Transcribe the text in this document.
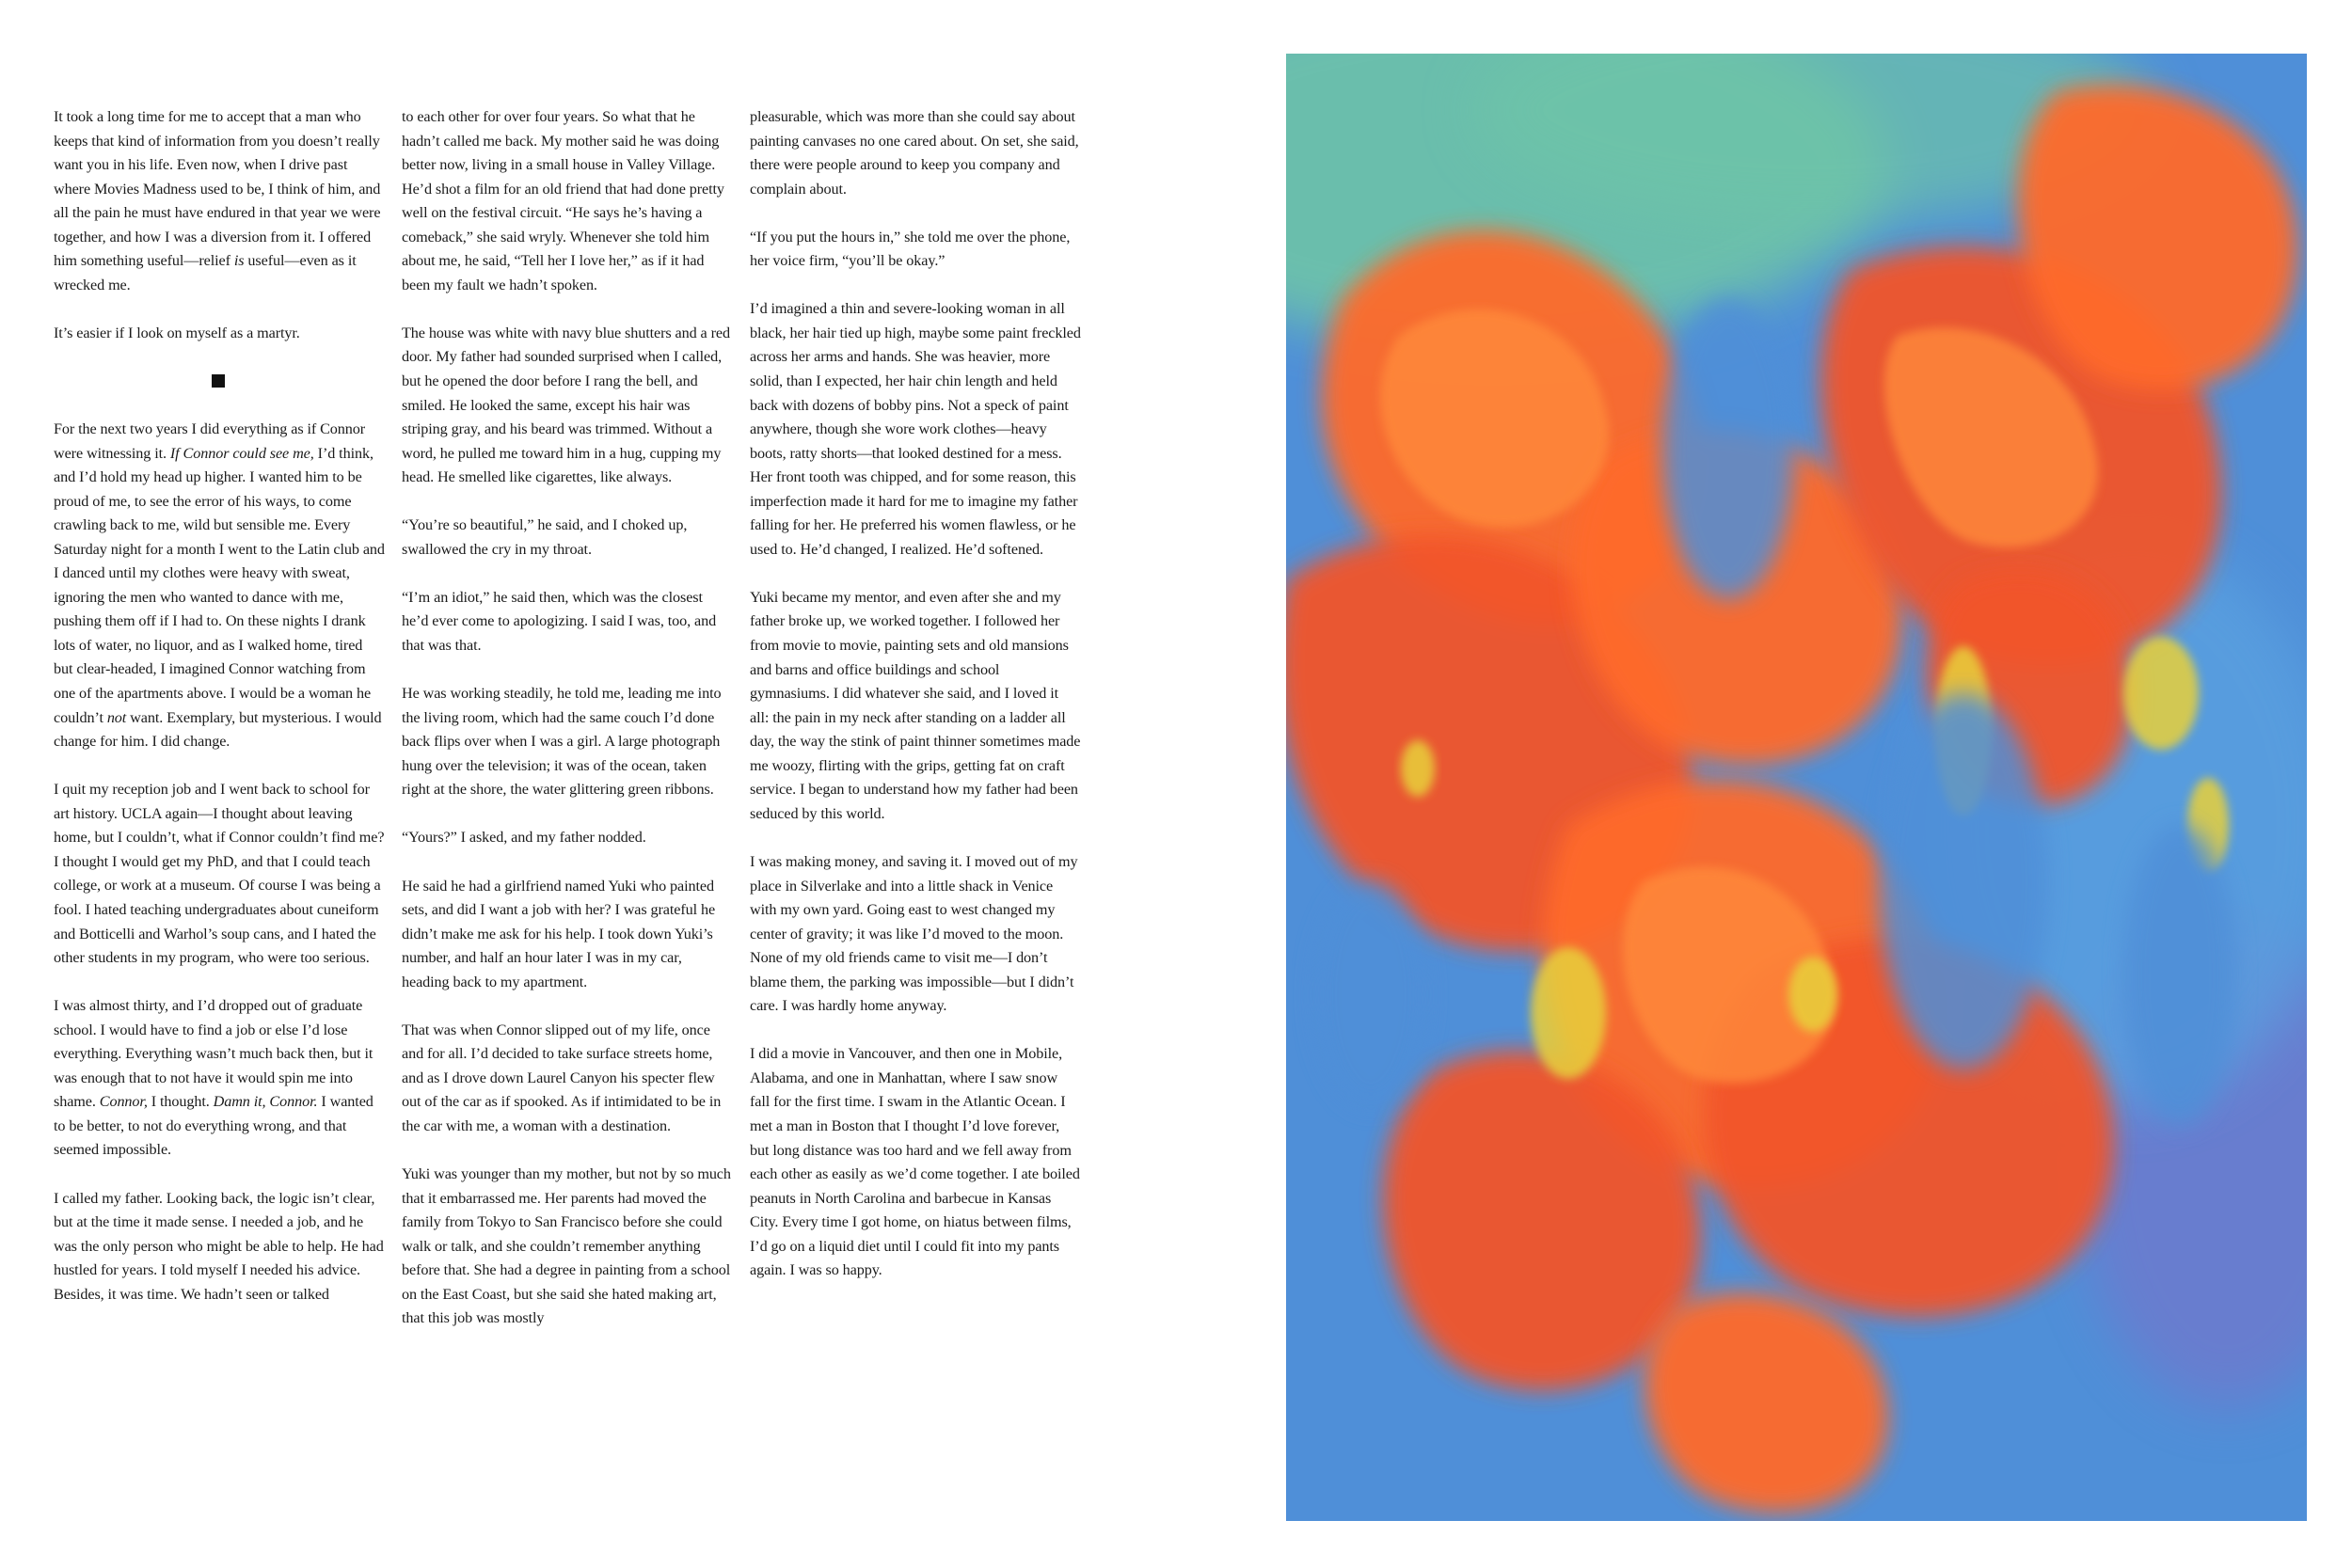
It took a long time for me to accept that a man who keeps that kind of information from you doesn’t really want you in his life. Even now, when I drive past where Movies Madness used to be, I think of him, and all the pain he must have endured in that year we were together, and how I was a diversion from it. I offered him something useful—relief is useful—even as it wrecked me.

It’s easier if I look on myself as a martyr.

For the next two years I did everything as if Connor were witnessing it. If Connor could see me, I’d think, and I’d hold my head up higher. I wanted him to be proud of me, to see the error of his ways, to come crawling back to me, wild but sensible me. Every Saturday night for a month I went to the Latin club and I danced until my clothes were heavy with sweat, ignoring the men who wanted to dance with me, pushing them off if I had to. On these nights I drank lots of water, no liquor, and as I walked home, tired but clear-headed, I imagined Connor watching from one of the apartments above. I would be a woman he couldn’t not want. Exemplary, but mysterious. I would change for him. I did change.

I quit my reception job and I went back to school for art history. UCLA again—I thought about leaving home, but I couldn’t, what if Connor couldn’t find me? I thought I would get my PhD, and that I could teach college, or work at a museum. Of course I was being a fool. I hated teaching undergraduates about cuneiform and Botticelli and Warhol’s soup cans, and I hated the other students in my program, who were too serious.

I was almost thirty, and I’d dropped out of graduate school. I would have to find a job or else I’d lose everything. Everything wasn’t much back then, but it was enough that to not have it would spin me into shame. Connor, I thought. Damn it, Connor. I wanted to be better, to not do everything wrong, and that seemed impossible.

I called my father. Looking back, the logic isn’t clear, but at the time it made sense. I needed a job, and he was the only person who might be able to help. He had hustled for years. I told myself I needed his advice. Besides, it was time. We hadn’t seen or talked

to each other for over four years. So what that he hadn’t called me back. My mother said he was doing better now, living in a small house in Valley Village. He’d shot a film for an old friend that had done pretty well on the festival circuit. “He says he’s having a comeback,” she said wryly. Whenever she told him about me, he said, “Tell her I love her,” as if it had been my fault we hadn’t spoken.

The house was white with navy blue shutters and a red door. My father had sounded surprised when I called, but he opened the door before I rang the bell, and smiled. He looked the same, except his hair was striping gray, and his beard was trimmed. Without a word, he pulled me toward him in a hug, cupping my head. He smelled like cigarettes, like always.

“You’re so beautiful,” he said, and I choked up, swallowed the cry in my throat.

“I’m an idiot,” he said then, which was the closest he’d ever come to apologizing. I said I was, too, and that was that.

He was working steadily, he told me, leading me into the living room, which had the same couch I’d done back flips over when I was a girl. A large photograph hung over the television; it was of the ocean, taken right at the shore, the water glittering green ribbons.

“Yours?” I asked, and my father nodded.

He said he had a girlfriend named Yuki who painted sets, and did I want a job with her? I was grateful he didn’t make me ask for his help. I took down Yuki’s number, and half an hour later I was in my car, heading back to my apartment.

That was when Connor slipped out of my life, once and for all. I’d decided to take surface streets home, and as I drove down Laurel Canyon his specter flew out of the car as if spooked. As if intimidated to be in the car with me, a woman with a destination.

Yuki was younger than my mother, but not by so much that it embarrassed me. Her parents had moved the family from Tokyo to San Francisco before she could walk or talk, and she couldn’t remember anything before that. She had a degree in painting from a school on the East Coast, but she said she hated making art, that this job was mostly

pleasurable, which was more than she could say about painting canvases no one cared about. On set, she said, there were people around to keep you company and complain about.

“If you put the hours in,” she told me over the phone, her voice firm, “you’ll be okay.”

I’d imagined a thin and severe-looking woman in all black, her hair tied up high, maybe some paint freckled across her arms and hands. She was heavier, more solid, than I expected, her hair chin length and held back with dozens of bobby pins. Not a speck of paint anywhere, though she wore work clothes—heavy boots, ratty shorts—that looked destined for a mess. Her front tooth was chipped, and for some reason, this imperfection made it hard for me to imagine my father falling for her. He preferred his women flawless, or he used to. He’d changed, I realized. He’d softened.

Yuki became my mentor, and even after she and my father broke up, we worked together. I followed her from movie to movie, painting sets and old mansions and barns and office buildings and school gymnasiums. I did whatever she said, and I loved it all: the pain in my neck after standing on a ladder all day, the way the stink of paint thinner sometimes made me woozy, flirting with the grips, getting fat on craft service. I began to understand how my father had been seduced by this world.

I was making money, and saving it. I moved out of my place in Silverlake and into a little shack in Venice with my own yard. Going east to west changed my center of gravity; it was like I’d moved to the moon. None of my old friends came to visit me—I don’t blame them, the parking was impossible—but I didn’t care. I was hardly home anyway.

I did a movie in Vancouver, and then one in Mobile, Alabama, and one in Manhattan, where I saw snow fall for the first time. I swam in the Atlantic Ocean. I met a man in Boston that I thought I’d love forever, but long distance was too hard and we fell away from each other as easily as we’d come together. I ate boiled peanuts in North Carolina and barbecue in Kansas City. Every time I got home, on hiatus between films, I’d go on a liquid diet until I could fit into my pants again. I was so happy.
